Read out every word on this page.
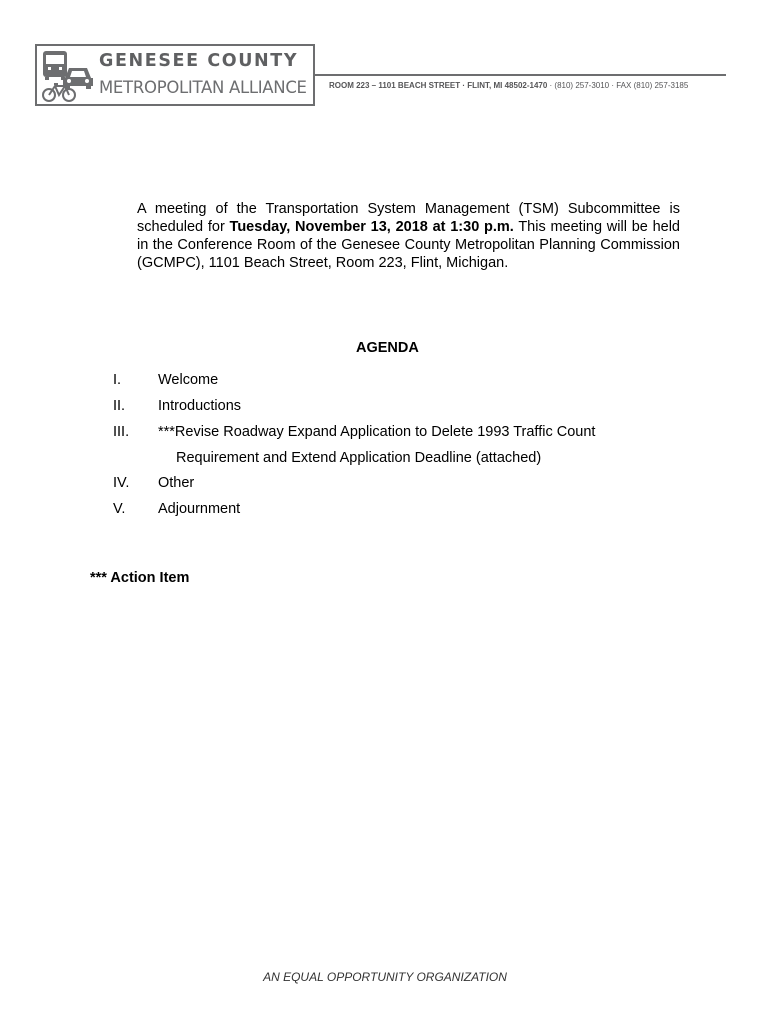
GENESEE COUNTY
METROPOLITAN ALLIANCE	ROOM 223 – 1101 BEACH STREET · FLINT, MI 48502-1470 · (810) 257-3010 · FAX (810) 257-3185
A meeting of the Transportation System Management (TSM) Subcommittee is scheduled for Tuesday, November 13, 2018 at 1:30 p.m. This meeting will be held in the Conference Room of the Genesee County Metropolitan Planning Commission (GCMPC), 1101 Beach Street, Room 223, Flint, Michigan.
AGENDA
I.	Welcome
II. Introductions
III. ***Revise Roadway Expand Application to Delete 1993 Traffic Count
Requirement and Extend Application Deadline (attached)
IV. Other
V. Adjournment
*** Action Item
AN EQUAL OPPORTUNITY ORGANIZATION
